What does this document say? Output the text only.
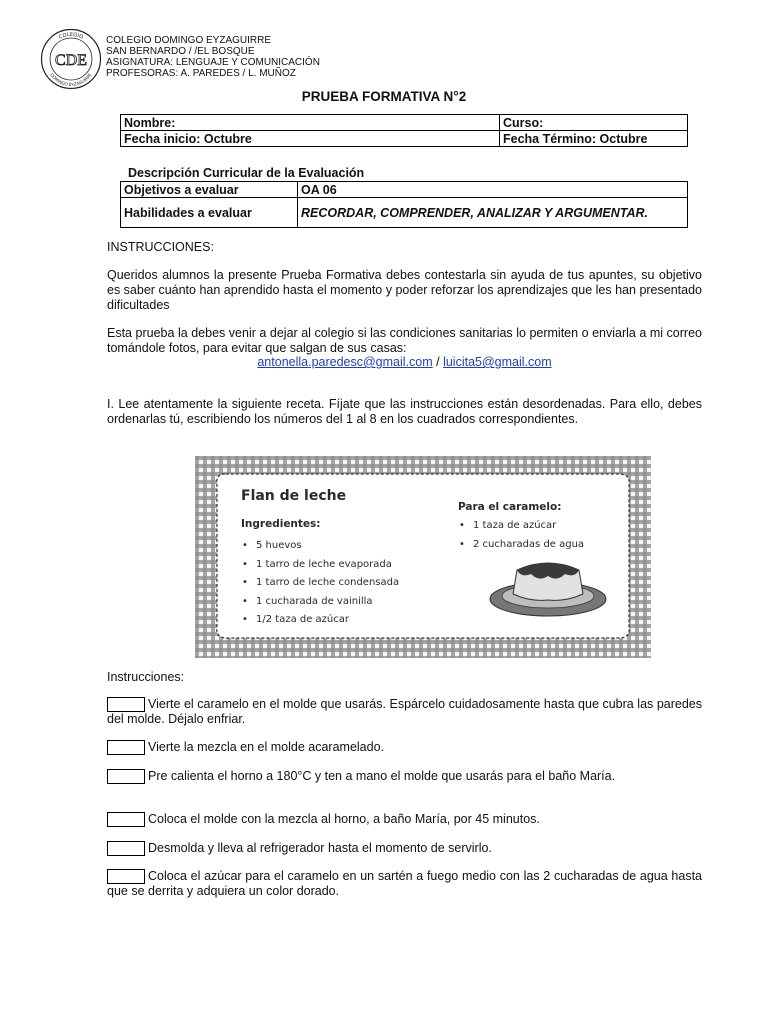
COLEGIO
DOMINGO EYZAGUIRRE
CDE
COLEGIO DOMINGO EYZAGUIRRE
SAN BERNARDO / /EL BOSQUE
ASIGNATURA: LENGUAJE Y COMUNICACIÓN
PROFESORAS: A. PAREDES / L. MUÑOZ
PRUEBA FORMATIVA N°2
Nombre:	Curso:
Fecha inicio: Octubre	Fecha Término: Octubre
Descripción Curricular de la Evaluación
Objetivos a evaluar	OA 06
Habilidades a evaluar	RECORDAR, COMPRENDER, ANALIZAR Y ARGUMENTAR.
INSTRUCCIONES:
Queridos alumnos la presente Prueba Formativa debes contestarla sin ayuda de tus apuntes, su objetivo es saber cuánto han aprendido hasta el momento y poder reforzar los aprendizajes que les han presentado dificultades
Esta prueba la debes venir a dejar al colegio si las condiciones sanitarias lo permiten o enviarla a mi correo tomándole fotos, para evitar que salgan de sus casas:
antonella.paredesc@gmail.com / luicita5@gmail.com
I. Lee atentamente la siguiente receta. Fíjate que las instrucciones están desordenadas. Para ello, debes ordenarlas tú, escribiendo los números del 1 al 8 en los cuadrados correspondientes.
Flan de leche
Ingredientes:
• 5 huevos
• 1 tarro de leche evaporada
• 1 tarro de leche condensada
• 1 cucharada de vainilla
• 1/2 taza de azúcar
Para el caramelo:
• 1 taza de azúcar
• 2 cucharadas de agua
Instrucciones:
Vierte el caramelo en el molde que usarás. Espárcelo cuidadosamente hasta que cubra las paredes del molde. Déjalo enfriar.
Vierte la mezcla en el molde acaramelado.
Pre calienta el horno a 180°C y ten a mano el molde que usarás para el baño María.
Coloca el molde con la mezcla al horno, a baño María, por 45 minutos.
Desmolda y lleva al refrigerador hasta el momento de servirlo.
Coloca el azúcar para el caramelo en un sartén a fuego medio con las 2 cucharadas de agua hasta que se derrita y adquiera un color dorado.
